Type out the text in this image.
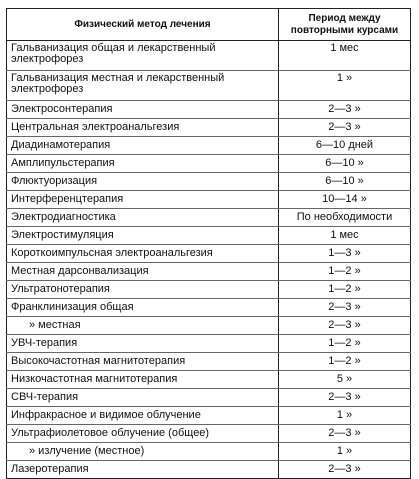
Физический метод лечения	Период между повторными курсами
Гальванизация общая и лекарственный электрофорез	1 мес
Гальванизация местная и лекарственный электрофорез	1 »
Электросонтерапия	2—3 »
Центральная электроанальгезия	2—3 »
Диадинамотерапия	6—10 дней
Амплипульстерапия	6—10 »
Флюктуоризация	6—10 »
Интерференцтерапия	10—14 »
Электродиагностика	По необходимости
Электростимуляция	1 мес
Короткоимпульсная электроанальгезия	1—3 »
Местная дарсонвализация	1—2 »
Ультратонотерапия	1—2 »
Франклинизация общая	2—3 »
» местная	2—3 »
УВЧ-терапия	1—2 »
Высокочастотная магнитотерапия	1—2 »
Низкочастотная магнитотерапия	5 »
СВЧ-терапия	2—3 »
Инфракрасное и видимое облучение	1 »
Ультрафиолетовое облучение (общее)	2—3 »
» излучение (местное)	1 »
Лазеротерапия	2—3 »
